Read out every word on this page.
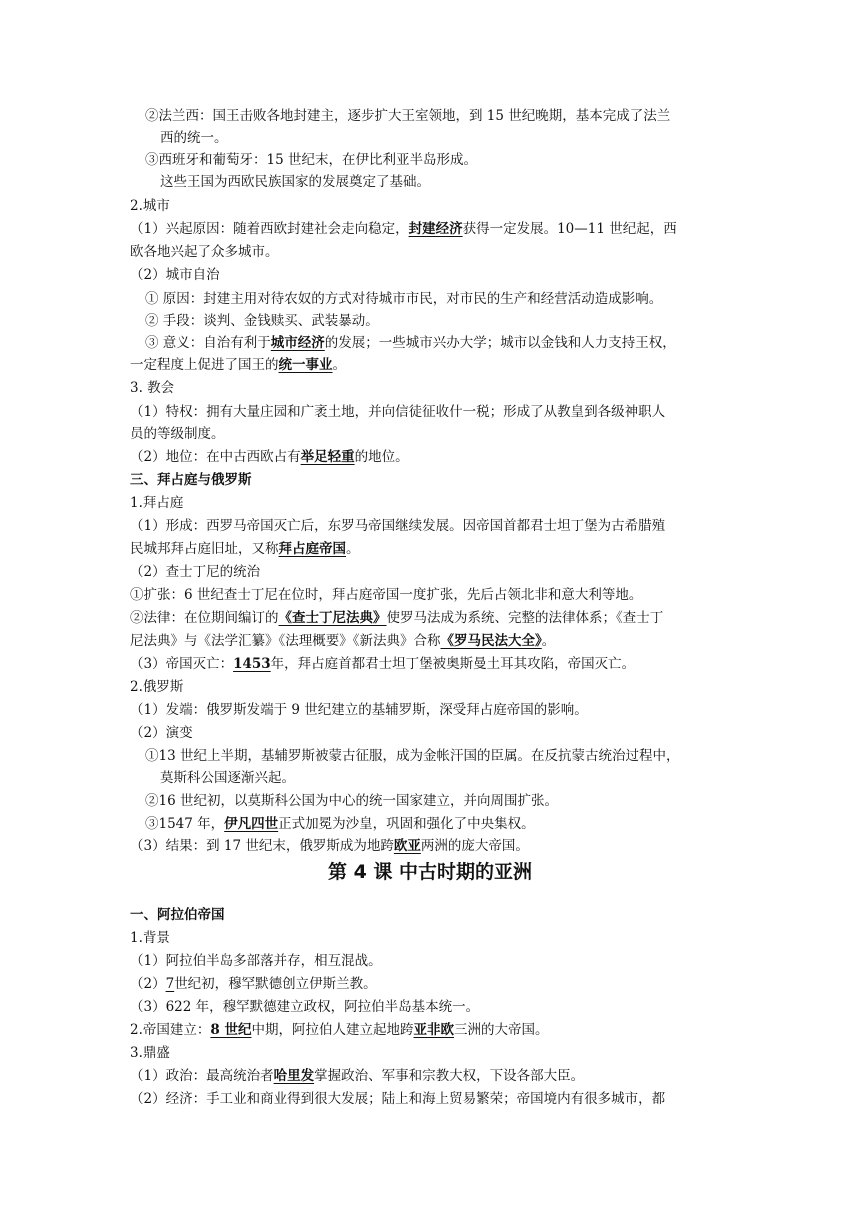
第 4 课 中古时期的亚洲
②法兰西：国王击败各地封建主，逐步扩大王室领地，到 15 世纪晚期，基本完成了法兰
西的统一。
③西班牙和葡萄牙：15 世纪末，在伊比利亚半岛形成。
这些王国为西欧民族国家的发展奠定了基础。
2.城市
（1）兴起原因：随着西欧封建社会走向稳定，封建经济获得一定发展。10—11 世纪起，西
欧各地兴起了众多城市。
（2）城市自治
① 原因：封建主用对待农奴的方式对待城市市民，对市民的生产和经营活动造成影响。
② 手段：谈判、金钱赎买、武装暴动。
③ 意义：自治有利于城市经济的发展；一些城市兴办大学；城市以金钱和人力支持王权，
一定程度上促进了国王的统一事业。
3. 教会
（1）特权：拥有大量庄园和广袤土地，并向信徒征收什一税；形成了从教皇到各级神职人
员的等级制度。
（2）地位：在中古西欧占有举足轻重的地位。
三、拜占庭与俄罗斯
1.拜占庭
（1）形成：西罗马帝国灭亡后，东罗马帝国继续发展。因帝国首都君士坦丁堡为古希腊殖
民城邦拜占庭旧址，又称拜占庭帝国。
（2）查士丁尼的统治
①扩张：6 世纪查士丁尼在位时，拜占庭帝国一度扩张，先后占领北非和意大利等地。
②法律：在位期间编订的《查士丁尼法典》使罗马法成为系统、完整的法律体系；《查士丁
尼法典》与《法学汇纂》《法理概要》《新法典》合称《罗马民法大全》。
（3）帝国灭亡：1453年，拜占庭首都君士坦丁堡被奥斯曼土耳其攻陷，帝国灭亡。
2.俄罗斯
（1）发端：俄罗斯发端于 9 世纪建立的基辅罗斯，深受拜占庭帝国的影响。
（2）演变
①13 世纪上半期，基辅罗斯被蒙古征服，成为金帐汗国的臣属。在反抗蒙古统治过程中，
莫斯科公国逐渐兴起。
②16 世纪初，以莫斯科公国为中心的统一国家建立，并向周围扩张。
③1547 年，伊凡四世正式加冕为沙皇，巩固和强化了中央集权。
（3）结果：到 17 世纪末，俄罗斯成为地跨欧亚两洲的庞大帝国。
一、阿拉伯帝国
1.背景
（1）阿拉伯半岛多部落并存，相互混战。
（2）7世纪初，穆罕默德创立伊斯兰教。
（3）622 年，穆罕默德建立政权，阿拉伯半岛基本统一。
2.帝国建立：8 世纪中期，阿拉伯人建立起地跨亚非欧三洲的大帝国。
3.鼎盛
（1）政治：最高统治者哈里发掌握政治、军事和宗教大权，下设各部大臣。
（2）经济：手工业和商业得到很大发展；陆上和海上贸易繁荣；帝国境内有很多城市，都
